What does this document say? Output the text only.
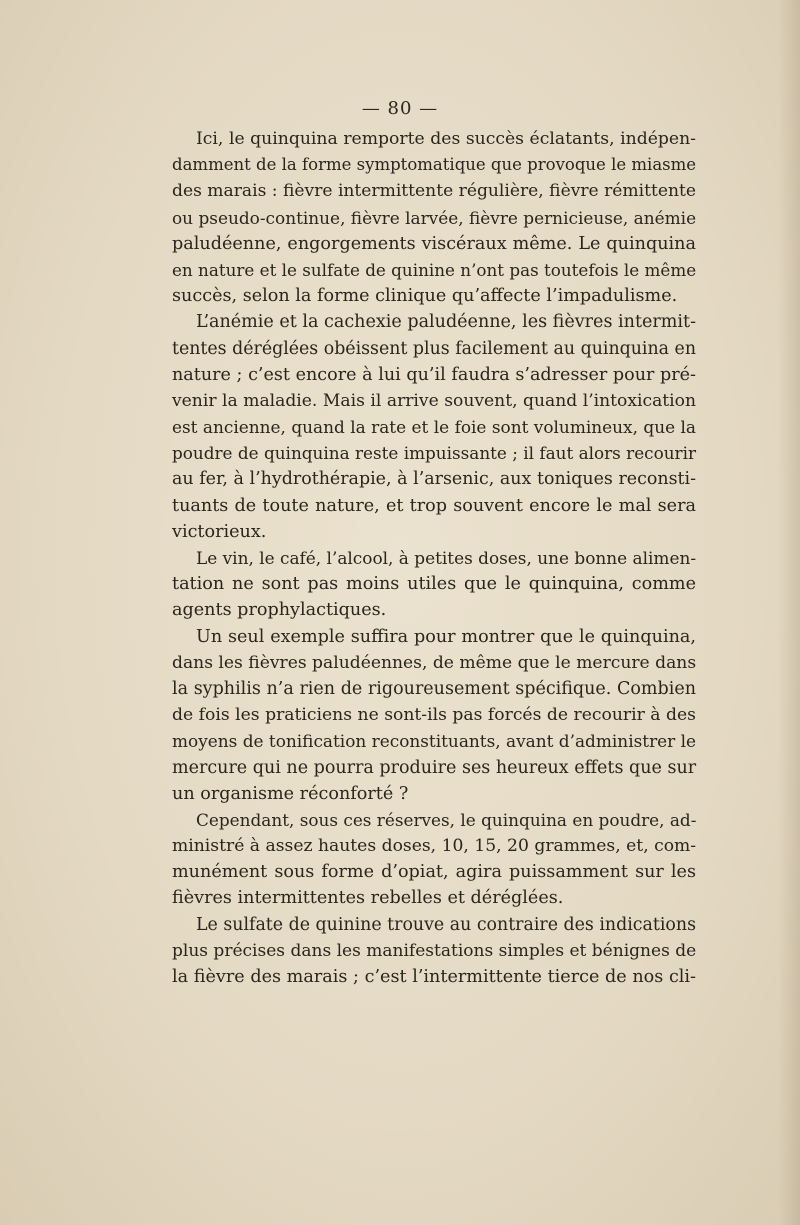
— 80 —
Ici, le quinquina remporte des succès éclatants, indépen-
damment de la forme symptomatique que provoque le miasme
des marais : fièvre intermittente régulière, fièvre rémittente
ou pseudo-continue, fièvre larvée, fièvre pernicieuse, anémie
paludéenne, engorgements viscéraux même. Le quinquina
en nature et le sulfate de quinine n’ont pas toutefois le même
succès, selon la forme clinique qu’affecte l’impadulisme.
L’anémie et la cachexie paludéenne, les fièvres intermit-
tentes déréglées obéissent plus facilement au quinquina en
nature ; c’est encore à lui qu’il faudra s’adresser pour pré-
venir la maladie. Mais il arrive souvent, quand l’intoxication
est ancienne, quand la rate et le foie sont volumineux, que la
poudre de quinquina reste impuissante ; il faut alors recourir
au fer, à l’hydrothérapie, à l’arsenic, aux toniques reconsti-
tuants de toute nature, et trop souvent encore le mal sera
victorieux.
Le vin, le café, l’alcool, à petites doses, une bonne alimen-
tation ne sont pas moins utiles que le quinquina, comme
agents prophylactiques.
Un seul exemple suffira pour montrer que le quinquina,
dans les fièvres paludéennes, de même que le mercure dans
la syphilis n’a rien de rigoureusement spécifique. Combien
de fois les praticiens ne sont-ils pas forcés de recourir à des
moyens de tonification reconstituants, avant d’administrer le
mercure qui ne pourra produire ses heureux effets que sur
un organisme réconforté ?
Cependant, sous ces réserves, le quinquina en poudre, ad-
ministré à assez hautes doses, 10, 15, 20 grammes, et, com-
munément sous forme d’opiat, agira puissamment sur les
fièvres intermittentes rebelles et déréglées.
Le sulfate de quinine trouve au contraire des indications
plus précises dans les manifestations simples et bénignes de
la fièvre des marais ; c’est l’intermittente tierce de nos cli-
